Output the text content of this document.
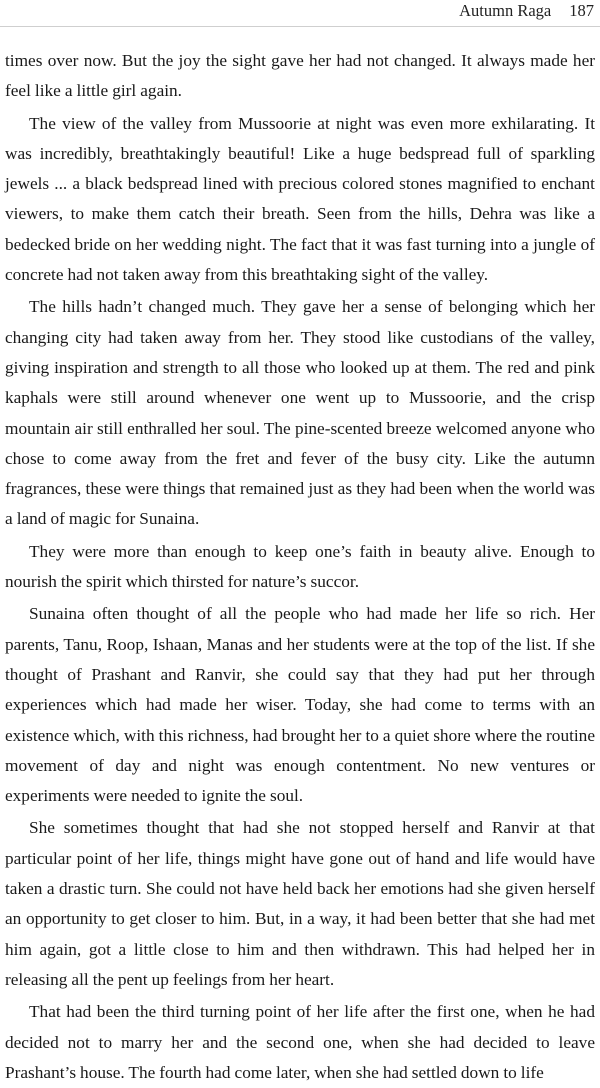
Autumn Raga 187

times over now. But the joy the sight gave her had not changed. It always made her feel like a little girl again.

The view of the valley from Mussoorie at night was even more exhilarating. It was incredibly, breathtakingly beautiful! Like a huge bedspread full of sparkling jewels ... a black bedspread lined with precious colored stones magnified to enchant viewers, to make them catch their breath. Seen from the hills, Dehra was like a bedecked bride on her wedding night. The fact that it was fast turning into a jungle of concrete had not taken away from this breathtaking sight of the valley.

The hills hadn’t changed much. They gave her a sense of belonging which her changing city had taken away from her. They stood like custodians of the valley, giving inspiration and strength to all those who looked up at them. The red and pink kaphals were still around whenever one went up to Mussoorie, and the crisp mountain air still enthralled her soul. The pine-scented breeze welcomed anyone who chose to come away from the fret and fever of the busy city. Like the autumn fragrances, these were things that remained just as they had been when the world was a land of magic for Sunaina.

They were more than enough to keep one’s faith in beauty alive. Enough to nourish the spirit which thirsted for nature’s succor.

Sunaina often thought of all the people who had made her life so rich. Her parents, Tanu, Roop, Ishaan, Manas and her students were at the top of the list. If she thought of Prashant and Ranvir, she could say that they had put her through experiences which had made her wiser. Today, she had come to terms with an existence which, with this richness, had brought her to a quiet shore where the routine movement of day and night was enough contentment. No new ventures or experiments were needed to ignite the soul.

She sometimes thought that had she not stopped herself and Ranvir at that particular point of her life, things might have gone out of hand and life would have taken a drastic turn. She could not have held back her emotions had she given herself an opportunity to get closer to him. But, in a way, it had been better that she had met him again, got a little close to him and then withdrawn. This had helped her in releasing all the pent up feelings from her heart.

That had been the third turning point of her life after the first one, when he had decided not to marry her and the second one, when she had decided to leave Prashant’s house. The fourth had come later, when she had settled down to life
